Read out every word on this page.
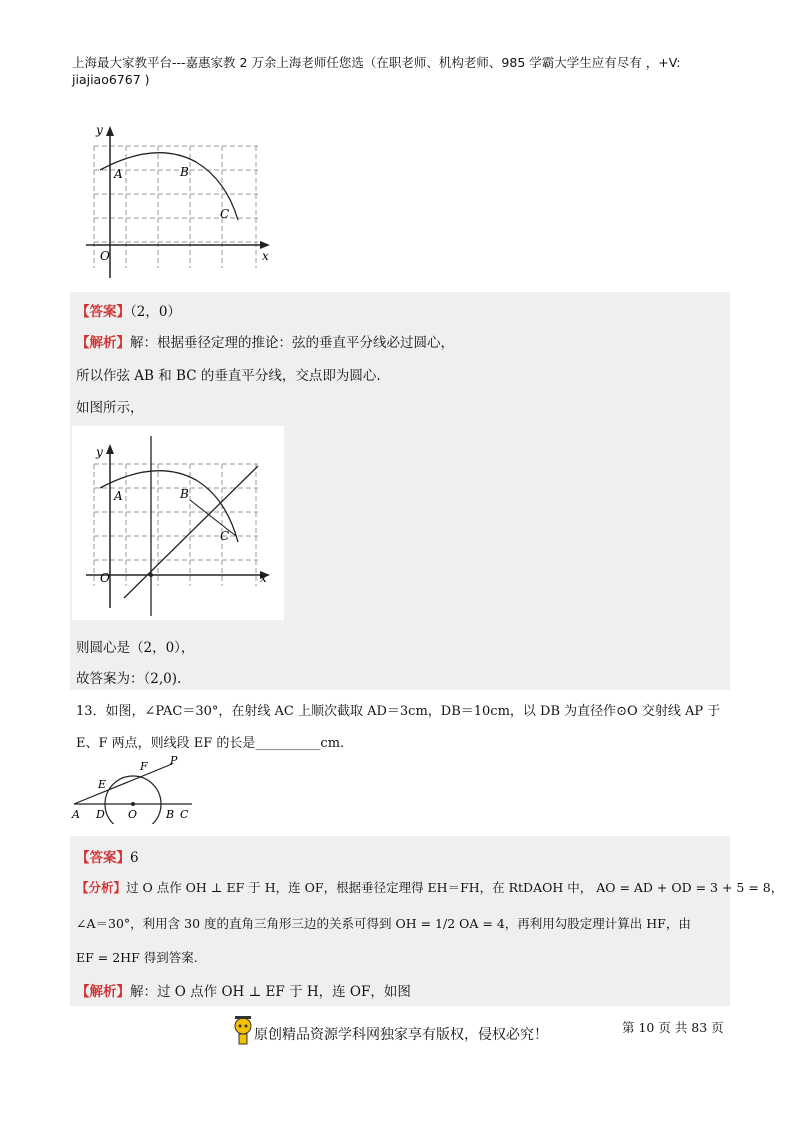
上海最大家教平台---嘉惠家教 2 万余上海老师任您选（在职老师、机构老师、985 学霸大学生应有尽有 ，+V:
jiajiao6767 )
y
x
O
A	B
C
【答案】（2，0）
【解析】解：根据垂径定理的推论：弦的垂直平分线必过圆心，
所以作弦 AB 和 BC 的垂直平分线，交点即为圆心.
如图所示，
y
x
O
A	B
C
则圆心是（2，0），
故答案为：（2,0).
13．如图，∠PAC＝30°，在射线 AC 上顺次截取 AD＝3cm，DB＝10cm，以 DB 为直径作⊙O 交射线 AP 于
E、F 两点，则线段 EF 的长是__________cm.
A D O	B C
E
F P
【答案】6
【分析】过 O 点作 OH ⊥ EF 于 H，连 OF，根据垂径定理得 EH＝FH，在 RtDAOH 中， AO = AD + OD = 3 + 5 = 8，
∠A＝30°，利用含 30 度的直角三角形三边的关系可得到 OH = 1/2 OA = 4，再利用勾股定理计算出 HF，由
EF = 2HF 得到答案.
【解析】解：过 O 点作 OH ⊥ EF 于 H，连 OF，如图
原创精品资源学科网独家享有版权，侵权必究！	第 10 页 共 83 页
